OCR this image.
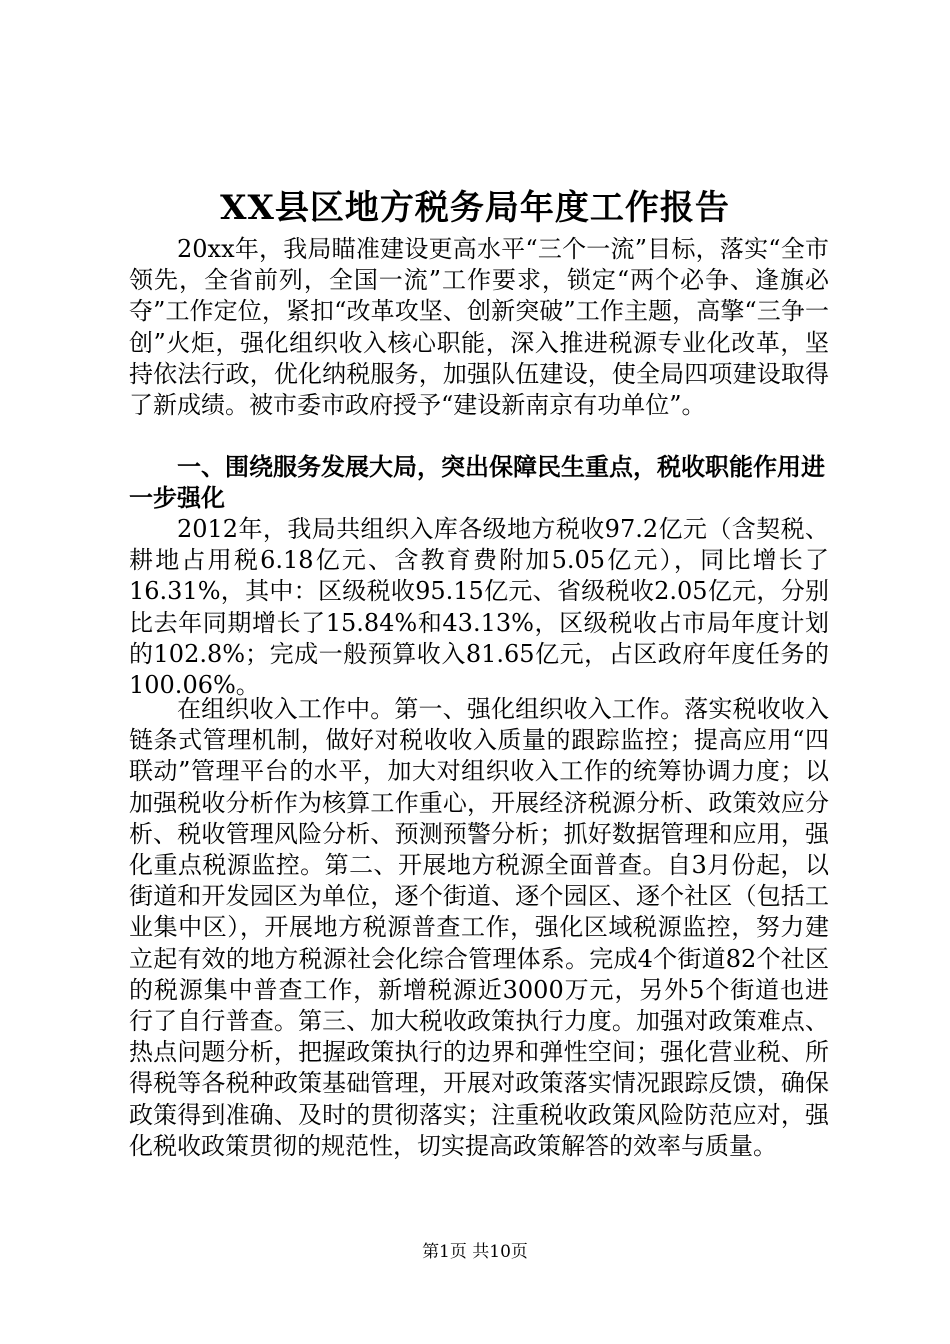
XX县区地方税务局年度工作报告

20xx年，我局瞄准建设更高水平“三个一流”目标，落实“全市领先，全省前列，全国一流”工作要求，锁定“两个必争、逢旗必夺”工作定位，紧扣“改革攻坚、创新突破”工作主题，高擎“三争一创”火炬，强化组织收入核心职能，深入推进税源专业化改革，坚持依法行政，优化纳税服务，加强队伍建设，使全局四项建设取得了新成绩。被市委市政府授予“建设新南京有功单位”。

一、围绕服务发展大局，突出保障民生重点，税收职能作用进一步强化

2012年，我局共组织入库各级地方税收97.2亿元（含契税、耕地占用税6.18亿元、含教育费附加5.05亿元），同比增长了16.31%，其中：区级税收95.15亿元、省级税收2.05亿元，分别比去年同期增长了15.84%和43.13%，区级税收占市局年度计划的102.8%；完成一般预算收入81.65亿元，占区政府年度任务的100.06%。

在组织收入工作中。第一、强化组织收入工作。落实税收收入链条式管理机制，做好对税收收入质量的跟踪监控；提高应用“四联动”管理平台的水平，加大对组织收入工作的统筹协调力度；以加强税收分析作为核算工作重心，开展经济税源分析、政策效应分析、税收管理风险分析、预测预警分析；抓好数据管理和应用，强化重点税源监控。第二、开展地方税源全面普查。自3月份起，以街道和开发园区为单位，逐个街道、逐个园区、逐个社区（包括工业集中区），开展地方税源普查工作，强化区域税源监控，努力建立起有效的地方税源社会化综合管理体系。完成4个街道82个社区的税源集中普查工作，新增税源近3000万元，另外5个街道也进行了自行普查。第三、加大税收政策执行力度。加强对政策难点、热点问题分析，把握政策执行的边界和弹性空间；强化营业税、所得税等各税种政策基础管理，开展对政策落实情况跟踪反馈，确保政策得到准确、及时的贯彻落实；注重税收政策风险防范应对，强化税收政策贯彻的规范性，切实提高政策解答的效率与质量。

第1页 共10页
